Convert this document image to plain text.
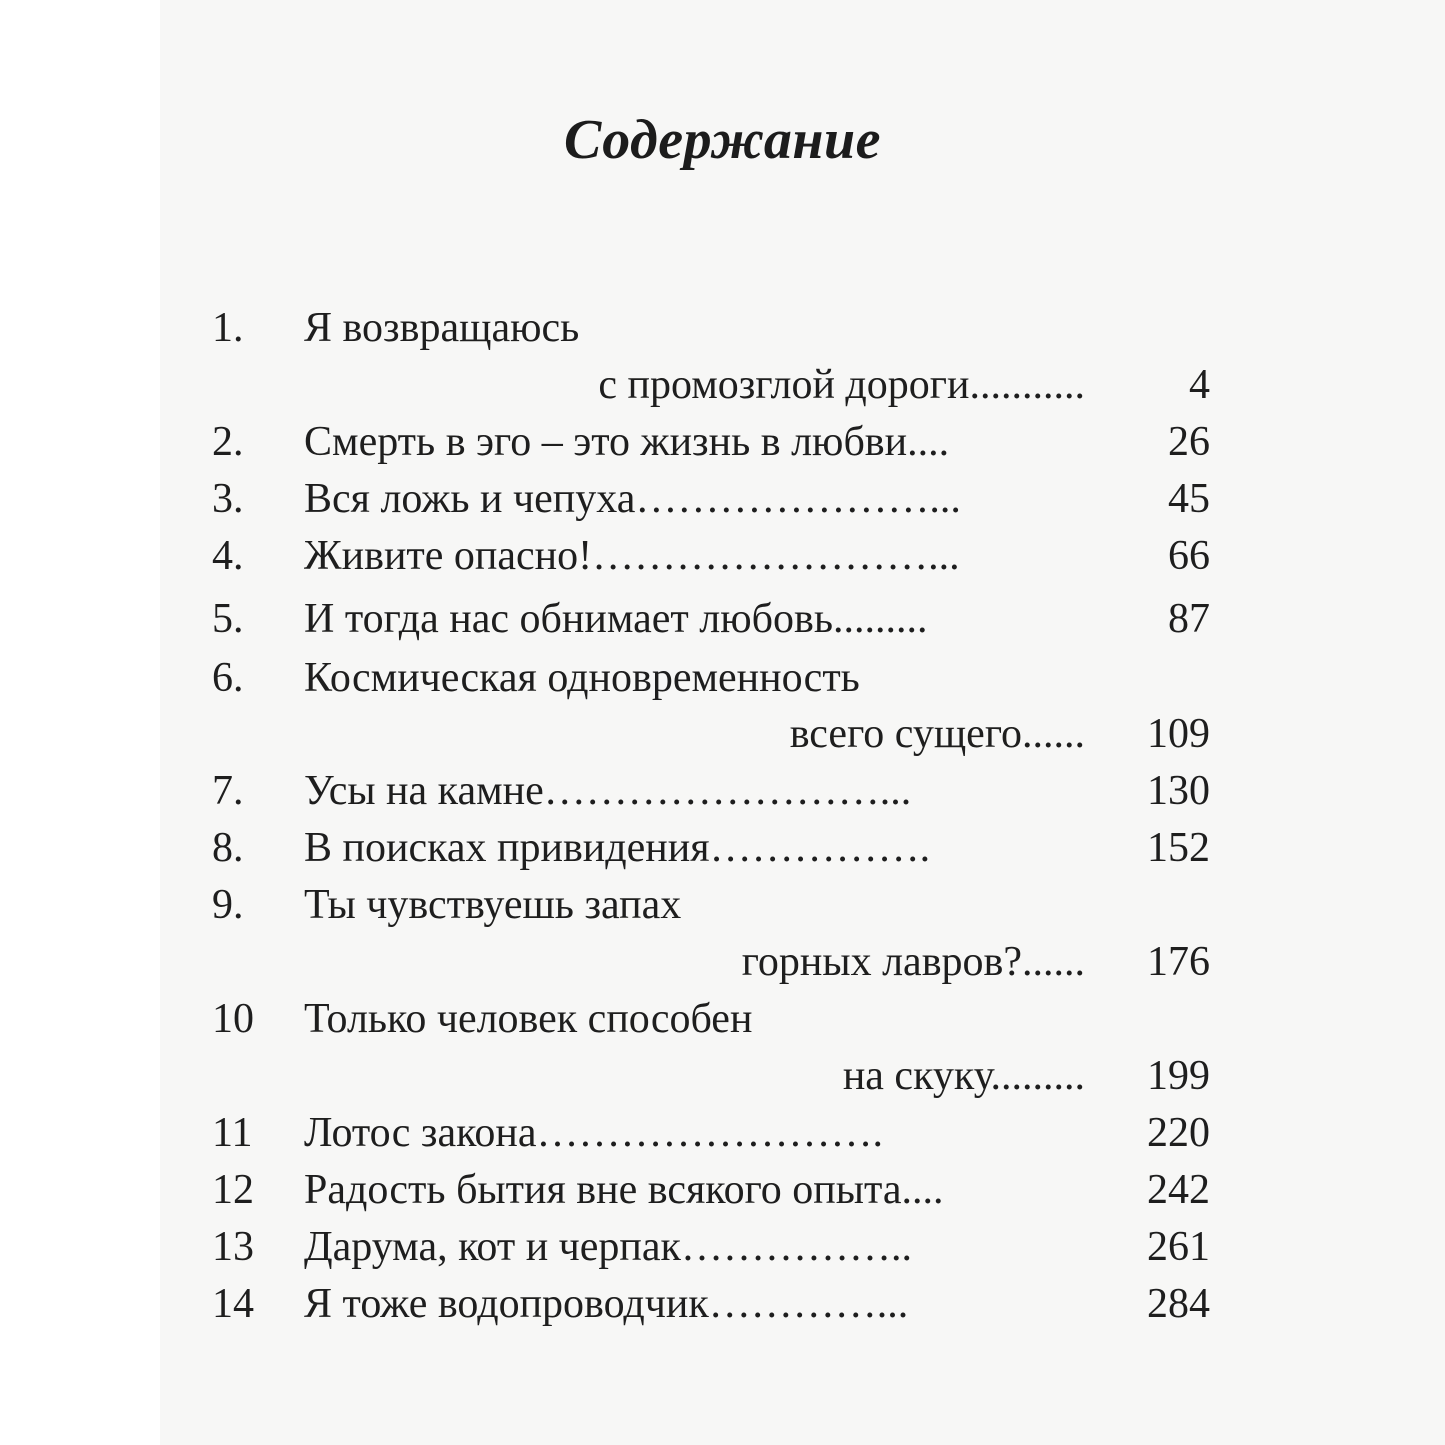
Содержание
1.	Я возвращаюсь
с промозглой дороги...........	4
2.	Смерть в эго – это жизнь в любви....	26
3.	Вся ложь и чепуха…………………...	45
4.	Живите опасно!……………………...	66
5.	И тогда нас обнимает любовь.........	87
6.	Космическая одновременность
всего сущего......	109
7.	Усы на камне……………………...	130
8.	В поисках привидения…………….	152
9.	Ты чувствуешь запах
горных лавров?......	176
10	Только человек способен
на скуку.........	199
11	Лотос закона…………………….	220
12	Радость бытия вне всякого опыта....	242
13	Дарума, кот и черпак……………..	261
14	Я тоже водопроводчик…………...	284
